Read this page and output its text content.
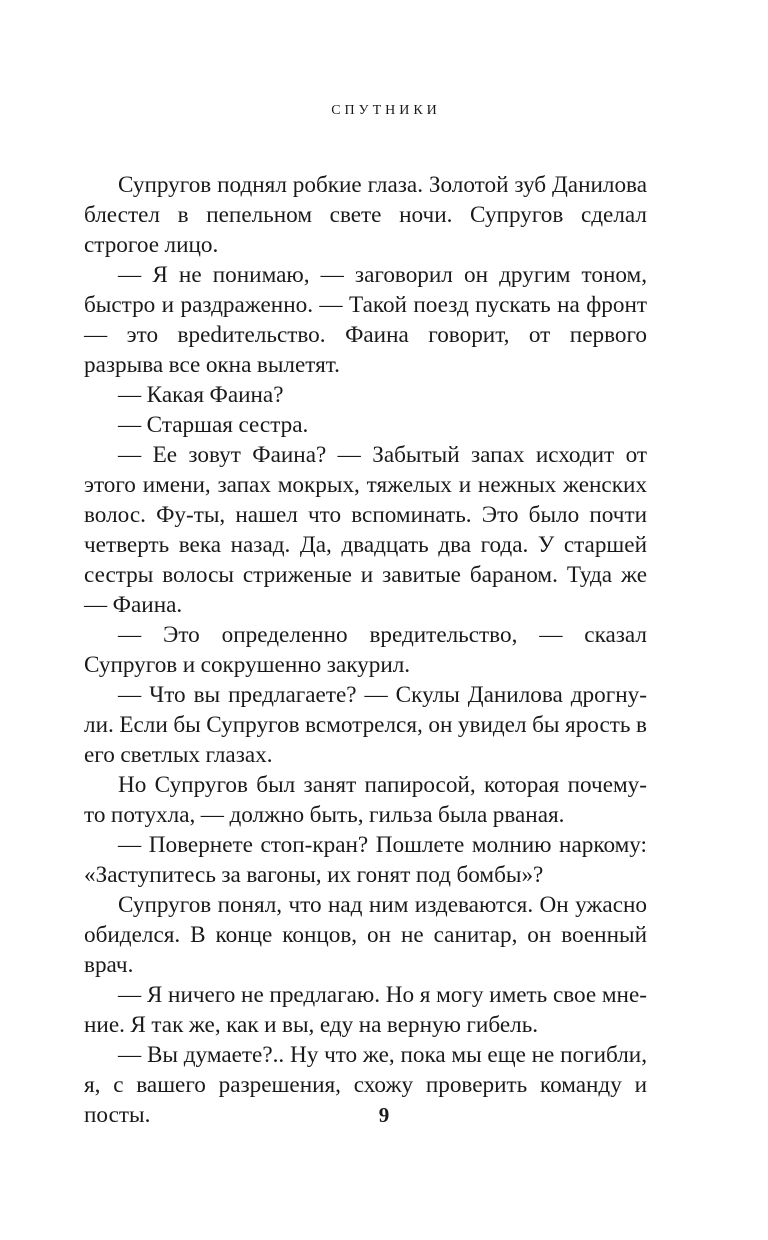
СПУТНИКИ

Супругов поднял робкие глаза. Золотой зуб Данилова блестел в пепельном свете ночи. Супругов сделал строгое лицо.

— Я не понимаю, — заговорил он другим тоном, быстро и раздраженно. — Такой поезд пускать на фронт — это вреdительство. Фаина говорит, от первого разрыва все окна вылетят.

— Какая Фаина?

— Старшая сестра.

— Ее зовут Фаина? — Забытый запах исходит от этого имени, запах мокрых, тяжелых и нежных женских волос. Фу-ты, нашел что вспоминать. Это было почти четверть века назад. Да, двадцать два года. У старшей сестры волосы стриженые и завитые бараном. Туда же — Фаина.

— Это определенно вредительство, — сказал Супругов и сокрушенно закурил.

— Что вы предлагаете? — Скулы Данилова дрогнули. Если бы Супругов всмотрелся, он увидел бы ярость в его светлых глазах.

Но Супругов был занят папиросой, которая почему-то потухла, — должно быть, гильза была рваная.

— Повернете стоп-кран? Пошлете молнию наркому: «Заступитесь за вагоны, их гонят под бомбы»?

Супругов понял, что над ним издеваются. Он ужасно обиделся. В конце концов, он не санитар, он военный врач.

— Я ничего не предлагаю. Но я могу иметь свое мнение. Я так же, как и вы, еду на верную гибель.

— Вы думаете?.. Ну что же, пока мы еще не погибли, я, с вашего разрешения, схожу проверить команду и посты.	9
